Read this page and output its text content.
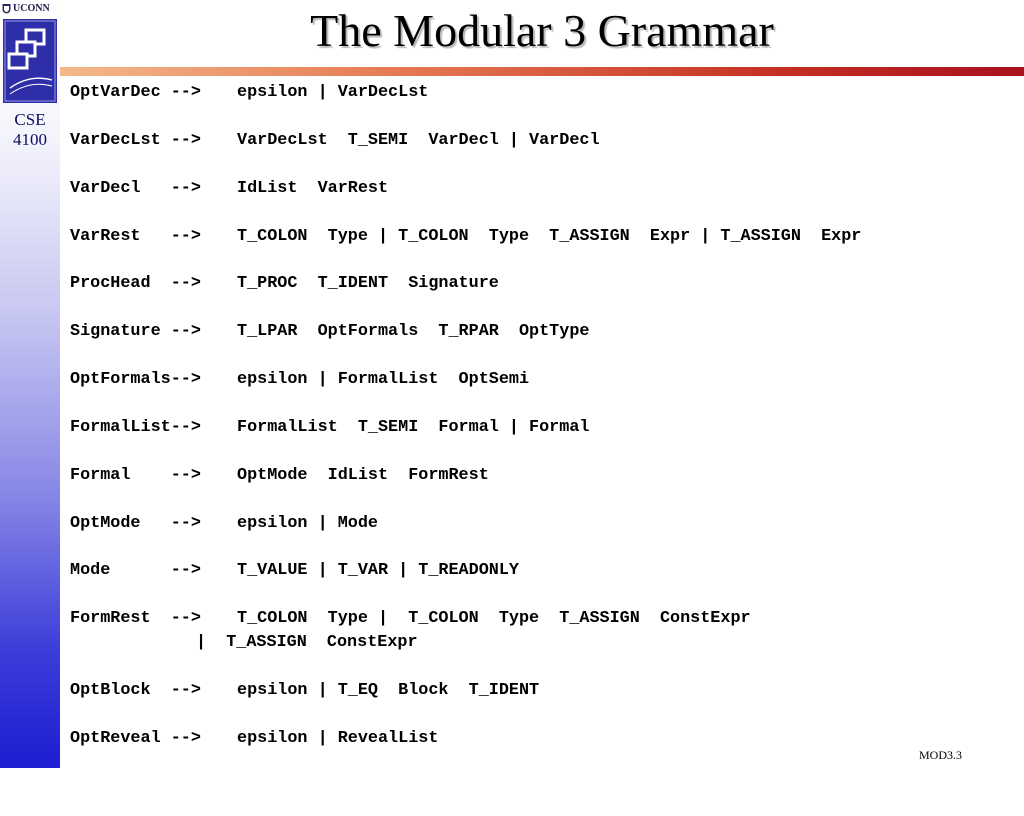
UCONN
CSE
4100
The Modular 3 Grammar

OptVarDec -->

epsilon | VarDecLst

VarDecLst -->

VarDecLst  T_SEMI  VarDecl | VarDecl

VarDecl   -->

IdList  VarRest

VarRest   -->

T_COLON  Type | T_COLON  Type  T_ASSIGN  Expr | T_ASSIGN  Expr

ProcHead  -->

T_PROC  T_IDENT  Signature

Signature -->

T_LPAR  OptFormals  T_RPAR  OptType

OptFormals-->

epsilon | FormalList  OptSemi

FormalList-->

FormalList  T_SEMI  Formal | Formal

Formal    -->

OptMode  IdList  FormRest

OptMode   -->

epsilon | Mode

Mode      -->

T_VALUE | T_VAR | T_READONLY

FormRest  -->

T_COLON  Type |  T_COLON  Type  T_ASSIGN  ConstExpr

|  T_ASSIGN  ConstExpr

OptBlock  -->

epsilon | T_EQ  Block  T_IDENT

OptReveal -->

epsilon | RevealList

MOD3.3
